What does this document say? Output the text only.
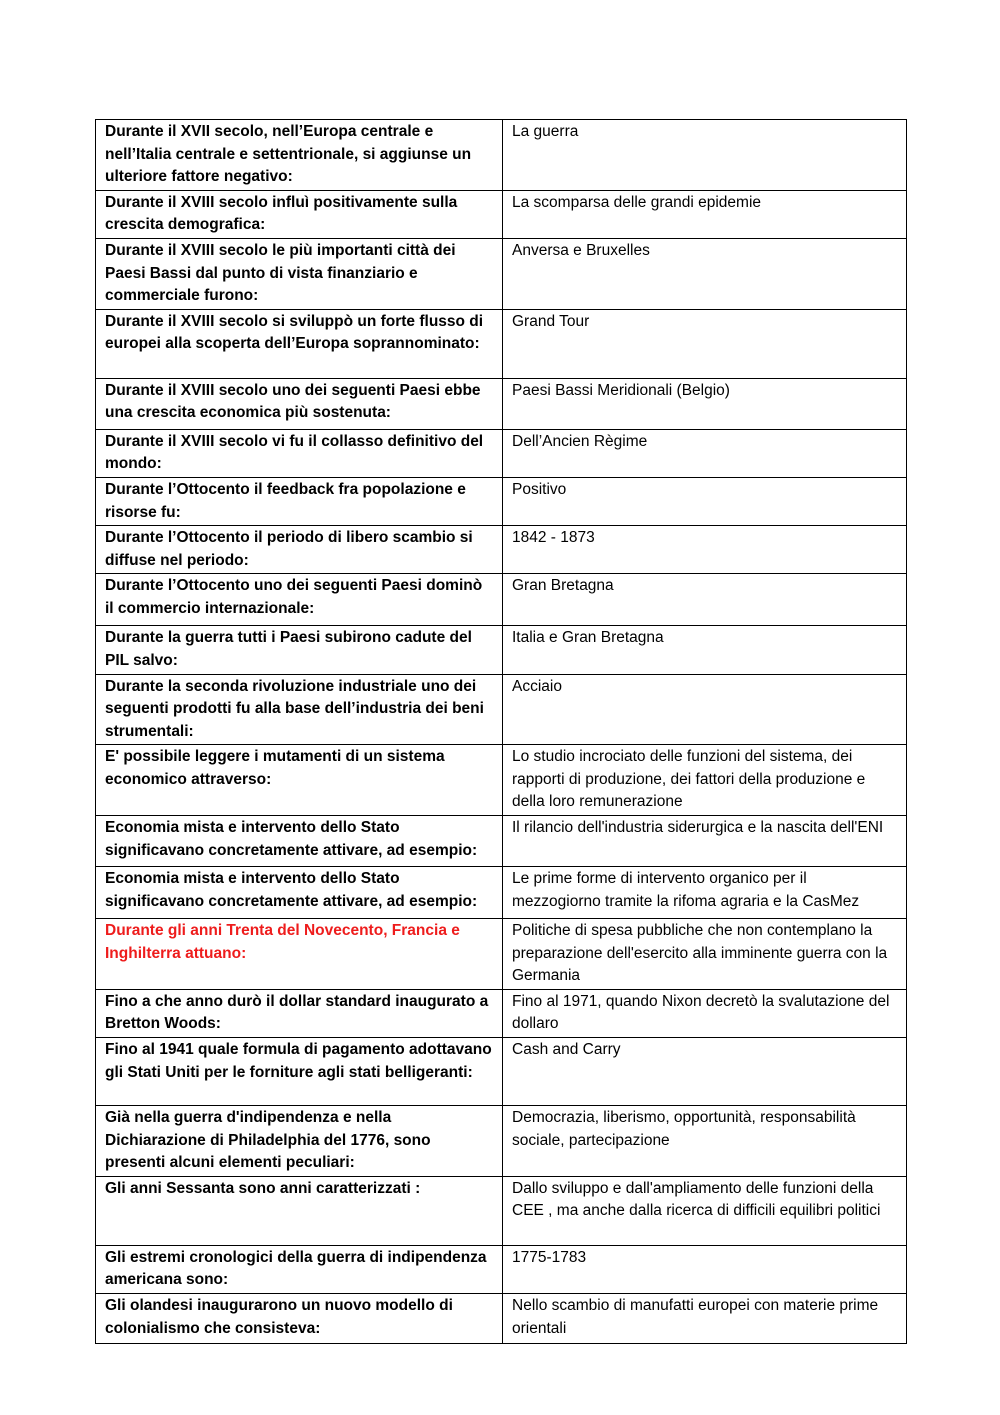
Durante il XVII secolo, nell’Europa centrale e nell’Italia centrale e settentrionale, si aggiunse un ulteriore fattore negativo:	La guerra
Durante il XVIII secolo influì positivamente sulla crescita demografica:	La scomparsa delle grandi epidemie
Durante il XVIII secolo le più importanti città dei Paesi Bassi dal punto di vista finanziario e commerciale furono:	Anversa e Bruxelles
Durante il XVIII secolo si sviluppò un forte flusso di europei alla scoperta dell’Europa soprannominato:	Grand Tour
Durante il XVIII secolo uno dei seguenti Paesi ebbe una crescita economica più sostenuta:	Paesi Bassi Meridionali (Belgio)
Durante il XVIII secolo vi fu il collasso definitivo del mondo:	Dell’Ancien Règime
Durante l’Ottocento il feedback fra popolazione e risorse fu:	Positivo
Durante l’Ottocento il periodo di libero scambio si diffuse nel periodo:	1842 - 1873
Durante l’Ottocento uno dei seguenti Paesi dominò il commercio internazionale:	Gran Bretagna
Durante la guerra tutti i Paesi subirono cadute del PIL salvo:	Italia e Gran Bretagna
Durante la seconda rivoluzione industriale uno dei seguenti prodotti fu alla base dell’industria dei beni strumentali:	Acciaio
E' possibile leggere i mutamenti di un sistema economico attraverso:	Lo studio incrociato delle funzioni del sistema, dei rapporti di produzione, dei fattori della produzione e della loro remunerazione
Economia mista e intervento dello Stato significavano concretamente attivare, ad esempio:	Il rilancio dell'industria siderurgica e la nascita dell'ENI
Economia mista e intervento dello Stato significavano concretamente attivare, ad esempio:	Le prime forme di intervento organico per il mezzogiorno tramite la rifoma agraria e la CasMez
Durante gli anni Trenta del Novecento, Francia e Inghilterra attuano:	Politiche di spesa pubbliche che non contemplano la preparazione dell'esercito alla imminente guerra con la Germania
Fino a che anno durò il dollar standard inaugurato a Bretton Woods:	Fino al 1971, quando Nixon decretò la svalutazione del dollaro
Fino al 1941 quale formula di pagamento adottavano gli Stati Uniti per le forniture agli stati belligeranti:	Cash and Carry
Già nella guerra d'indipendenza e nella Dichiarazione di Philadelphia del 1776, sono presenti alcuni elementi peculiari:	Democrazia, liberismo, opportunità, responsabilità sociale, partecipazione
Gli anni Sessanta sono anni caratterizzati :	Dallo sviluppo e dall'ampliamento delle funzioni della CEE , ma anche dalla ricerca di difficili equilibri politici
Gli estremi cronologici della guerra di indipendenza americana sono:	1775-1783
Gli olandesi inaugurarono un nuovo modello di colonialismo che consisteva:	Nello scambio di manufatti europei con materie prime orientali
